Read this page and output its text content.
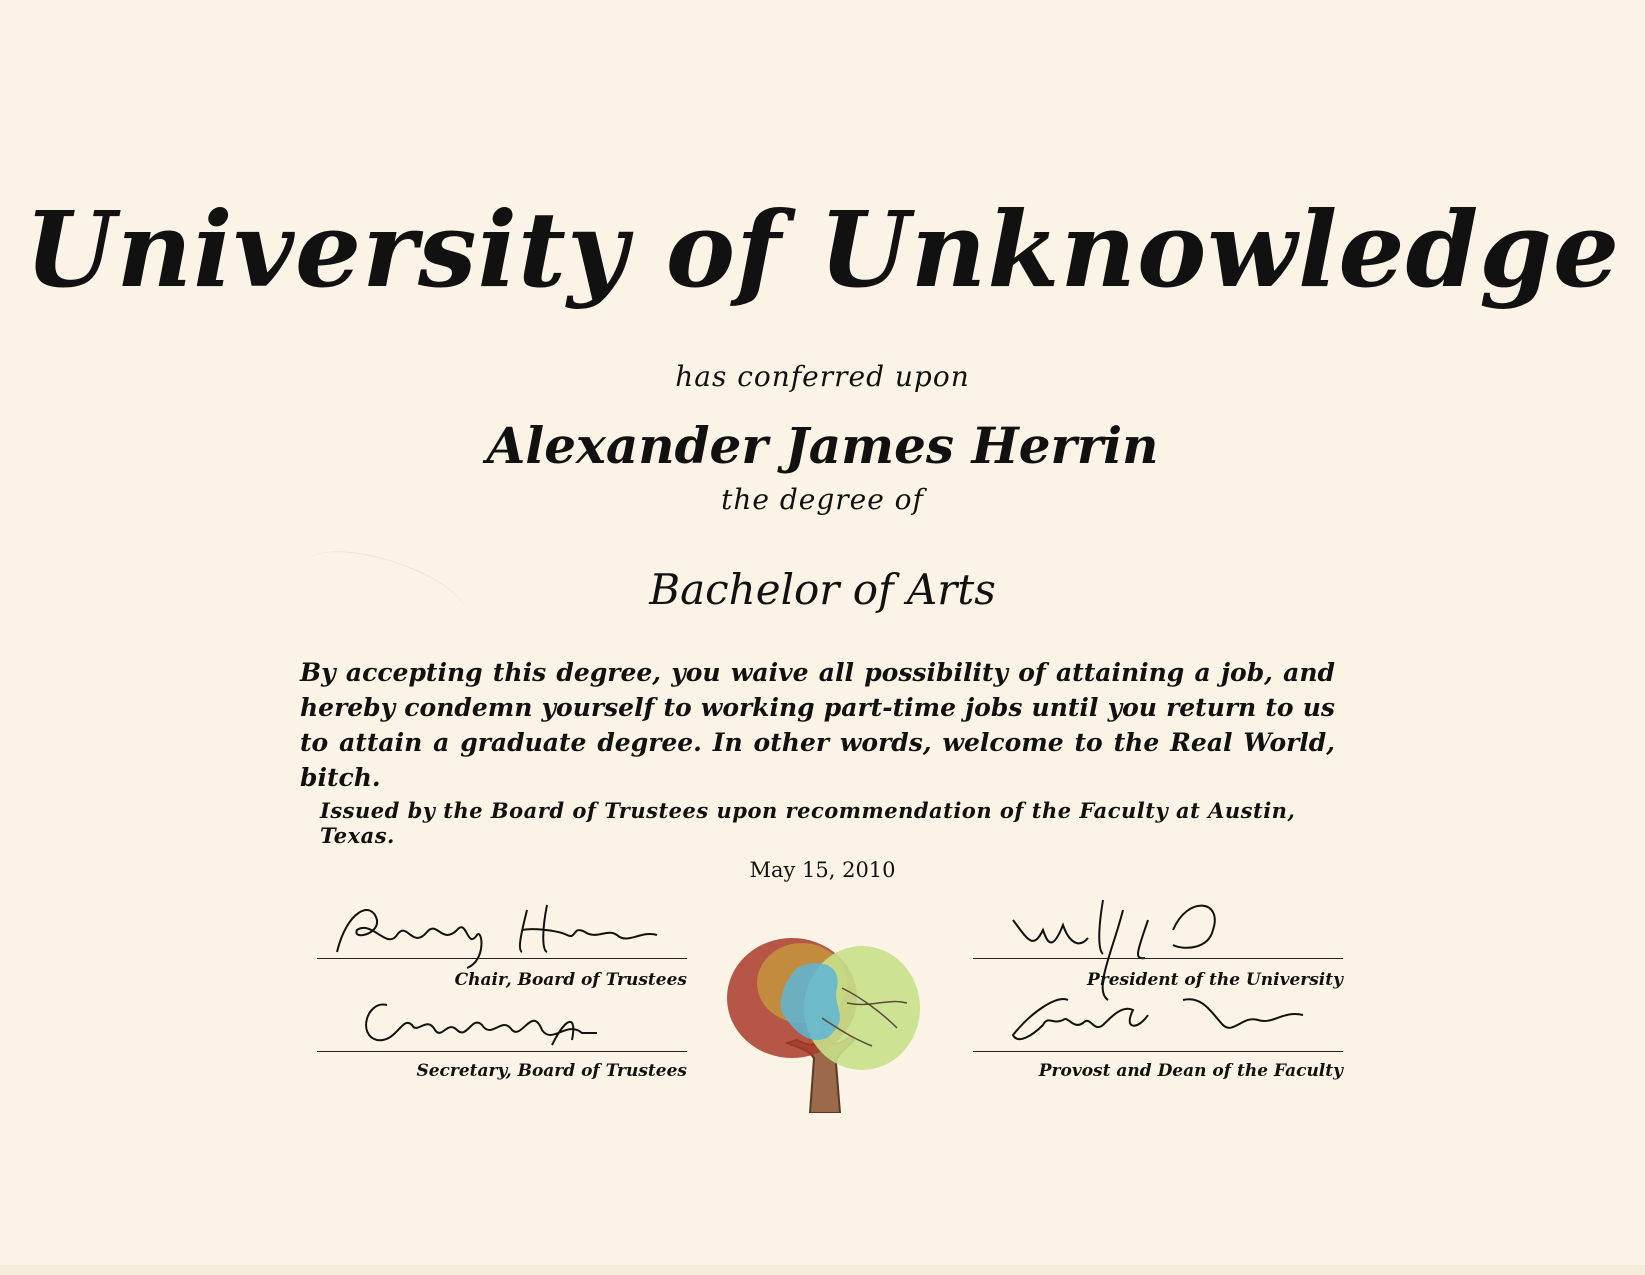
University of Unknowledge
has conferred upon
Alexander James Herrin
the degree of
Bachelor of Arts
By accepting this degree, you waive all possibility of attaining a job, and hereby condemn yourself to working part-time jobs until you return to us to attain a graduate degree. In other words, welcome to the Real World, bitch.
Issued by the Board of Trustees upon recommendation of the Faculty at Austin, Texas.
May 15, 2010
Chair, Board of Trustees
Secretary, Board of Trustees
President of the University
Provost and Dean of the Faculty
